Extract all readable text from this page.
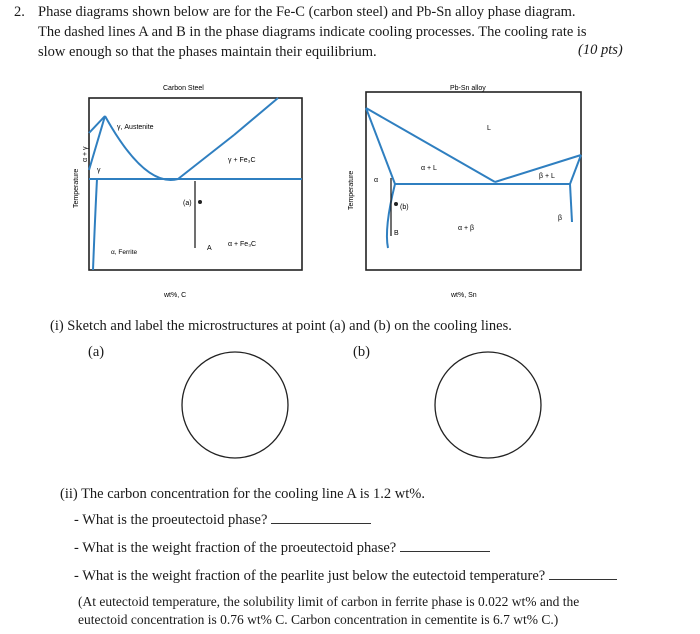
2. Phase diagrams shown below are for the Fe-C (carbon steel) and Pb-Sn alloy phase diagram.
The dashed lines A and B in the phase diagrams indicate cooling processes. The cooling rate is
slow enough so that the phases maintain their equilibrium.	(10 pts)
Carbon Steel
γ, Austenite
γ + Fe₃C
α + γ
γ
(a)
A
α + Fe₃C
α, Ferrite
Temperature
wt%, C
Pb-Sn alloy
L
α + L
β + L
α
(b)
B
α + β
β
Temperature
wt%, Sn
(i) Sketch and label the microstructures at point (a) and (b) on the cooling lines.
(a)	(b)
(ii) The carbon concentration for the cooling line A is 1.2 wt%.
- What is the proeutectoid phase?
- What is the weight fraction of the proeutectoid phase?
- What is the weight fraction of the pearlite just below the eutectoid temperature?
(At eutectoid temperature, the solubility limit of carbon in ferrite phase is 0.022 wt% and the
eutectoid concentration is 0.76 wt% C. Carbon concentration in cementite is 6.7 wt% C.)
